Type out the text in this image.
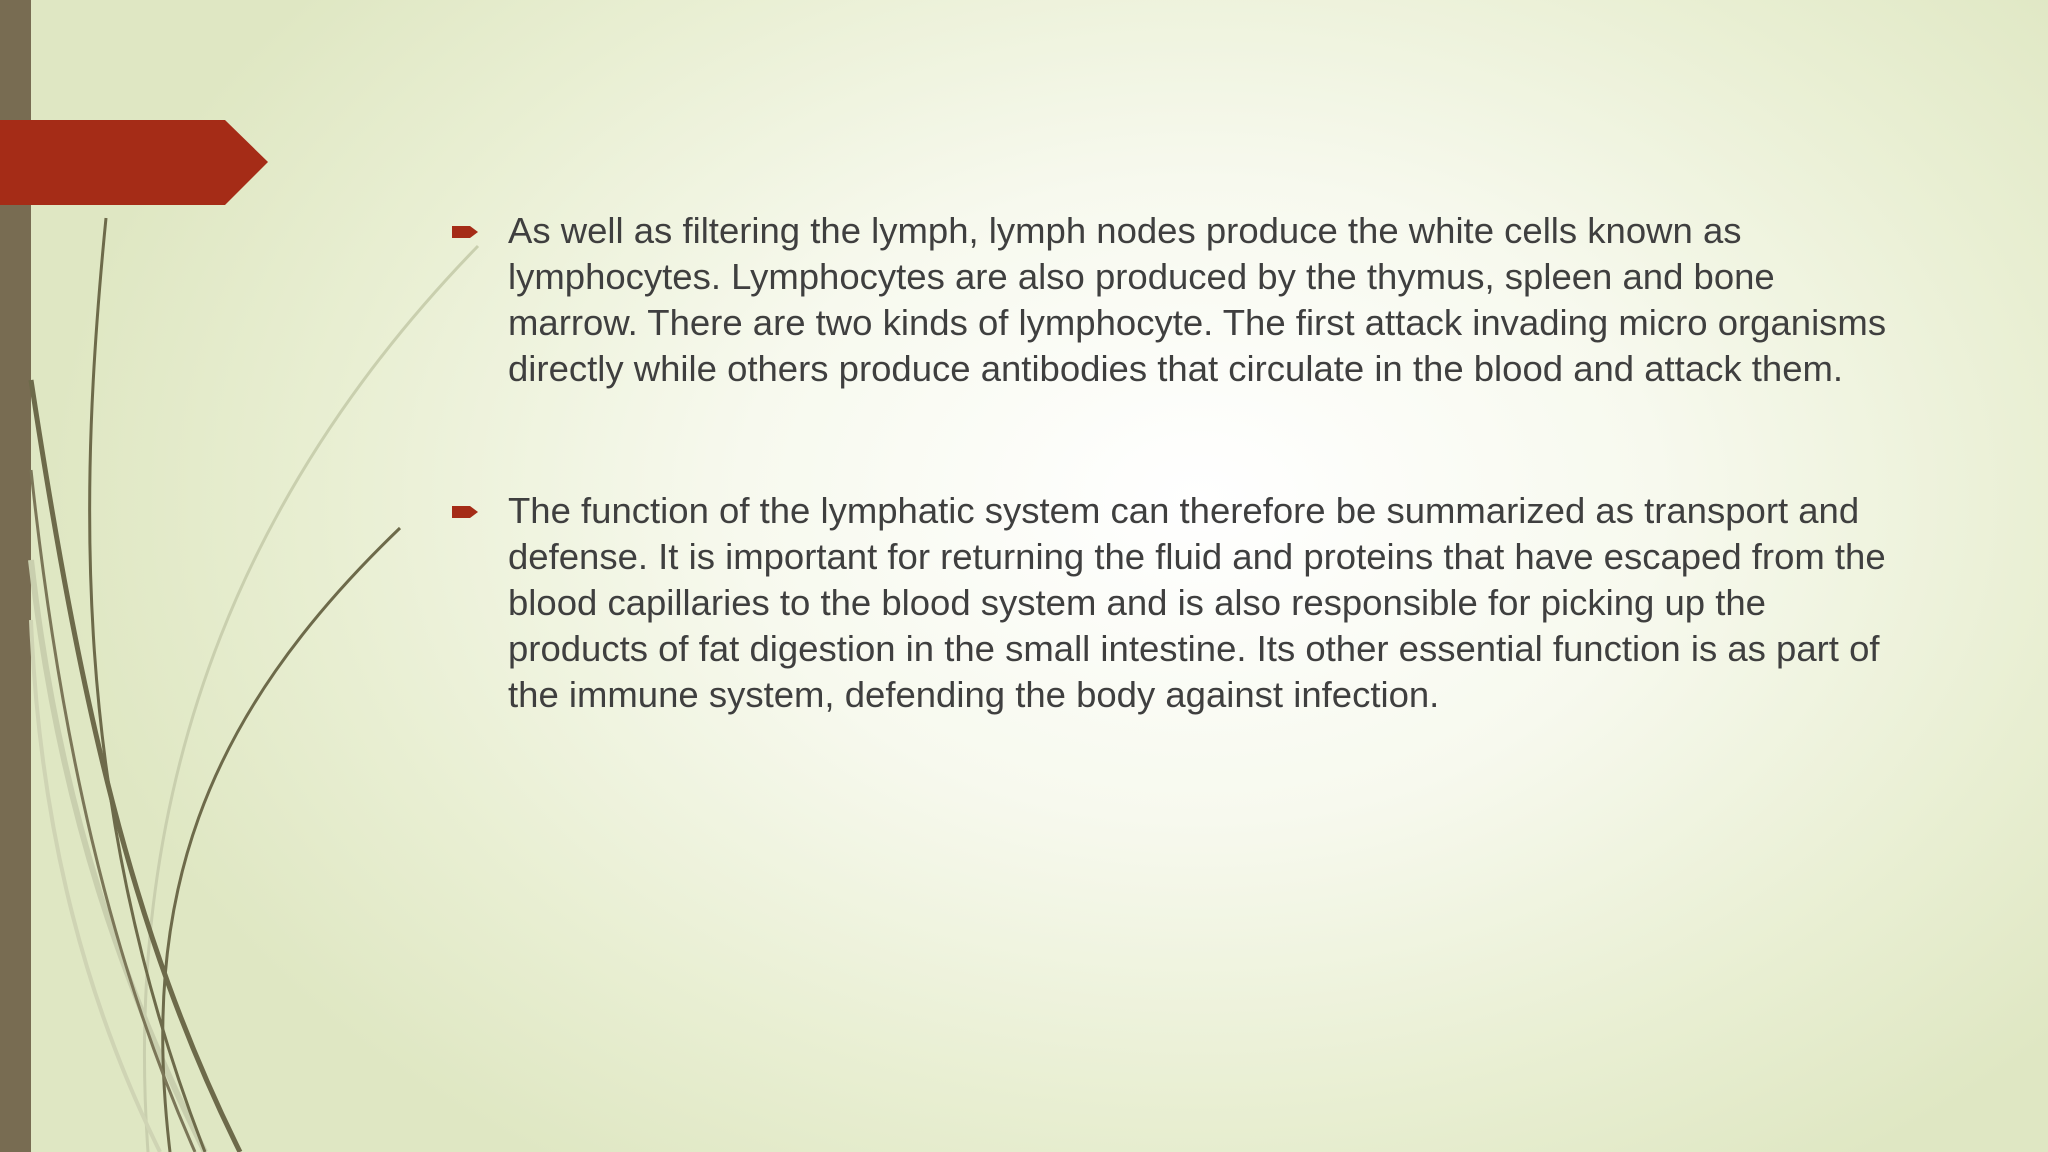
As well as filtering the lymph, lymph nodes produce the white cells known as lymphocytes. Lymphocytes are also produced by the thymus, spleen and bone marrow. There are two kinds of lymphocyte. The first attack invading micro organisms directly while others produce antibodies that circulate in the blood and attack them.
The function of the lymphatic system can therefore be summarized as transport and defense. It is important for returning the fluid and proteins that have escaped from the blood capillaries to the blood system and is also responsible for picking up the products of fat digestion in the small intestine. Its other essential function is as part of the immune system, defending the body against infection.
